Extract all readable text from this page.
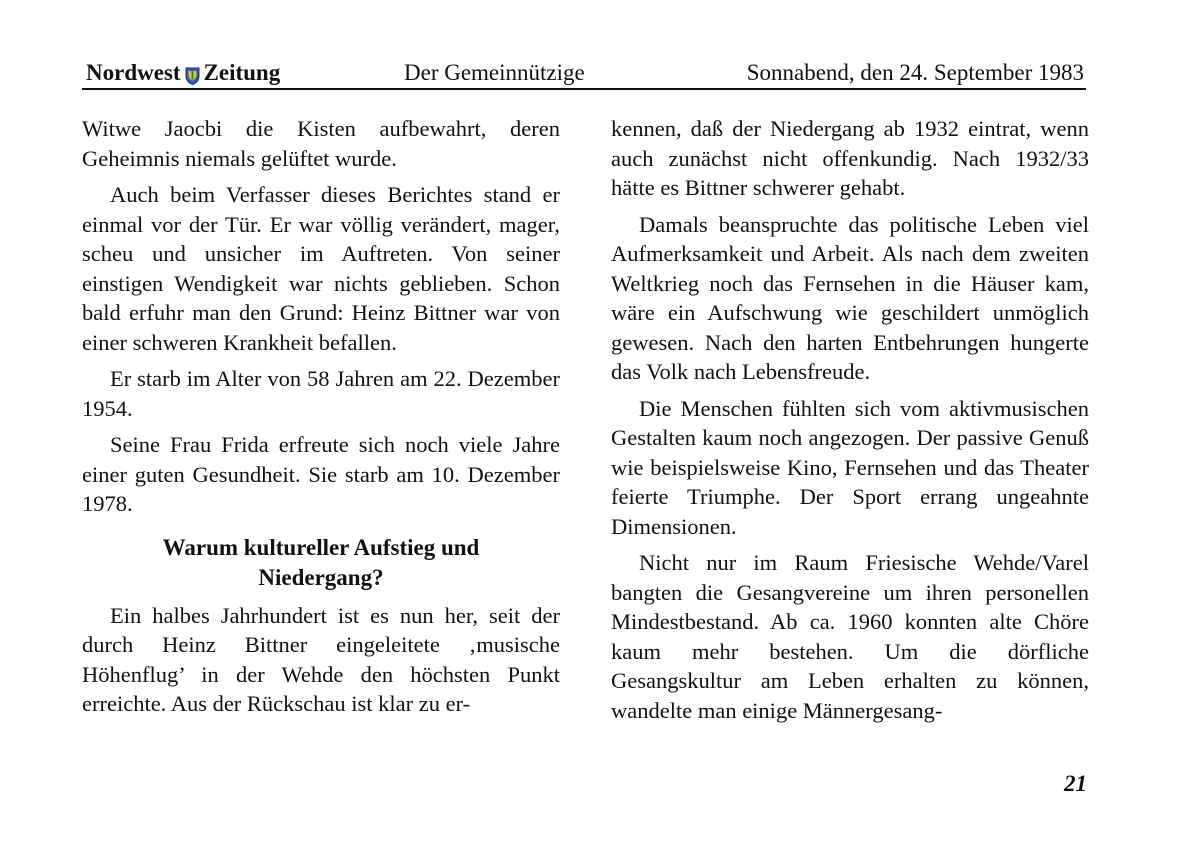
Nordwest Zeitung	Der Gemeinnützige	Sonnabend, den 24. September 1983

Witwe Jaocbi die Kisten aufbewahrt, deren Geheimnis niemals gelüftet wurde.

Auch beim Verfasser dieses Berichtes stand er einmal vor der Tür. Er war völlig verändert, mager, scheu und unsicher im Auftreten. Von seiner einstigen Wendigkeit war nichts geblieben. Schon bald erfuhr man den Grund: Heinz Bittner war von einer schweren Krankheit befallen.

Er starb im Alter von 58 Jahren am 22. Dezember 1954.

Seine Frau Frida erfreute sich noch viele Jahre einer guten Gesundheit. Sie starb am 10. Dezember 1978.

Warum kultureller Aufstieg und
Niedergang?

Ein halbes Jahrhundert ist es nun her, seit der durch Heinz Bittner eingeleitete ‚musische Höhenflug’ in der Wehde den höchsten Punkt erreichte. Aus der Rückschau ist klar zu er-

kennen, daß der Niedergang ab 1932 eintrat, wenn auch zunächst nicht offenkundig. Nach 1932/33 hätte es Bittner schwerer gehabt.

Damals beanspruchte das politische Leben viel Aufmerksamkeit und Arbeit. Als nach dem zweiten Weltkrieg noch das Fernsehen in die Häuser kam, wäre ein Aufschwung wie geschildert unmöglich gewesen. Nach den harten Entbehrungen hungerte das Volk nach Lebensfreude.

Die Menschen fühlten sich vom aktivmusischen Gestalten kaum noch angezogen. Der passive Genuß wie beispielsweise Kino, Fernsehen und das Theater feierte Triumphe. Der Sport errang ungeahnte Dimensionen.

Nicht nur im Raum Friesische Wehde/Varel bangten die Gesangvereine um ihren personellen Mindestbestand. Ab ca. 1960 konnten alte Chöre kaum mehr bestehen. Um die dörfliche Gesangskultur am Leben erhalten zu können, wandelte man einige Männergesang-

21
